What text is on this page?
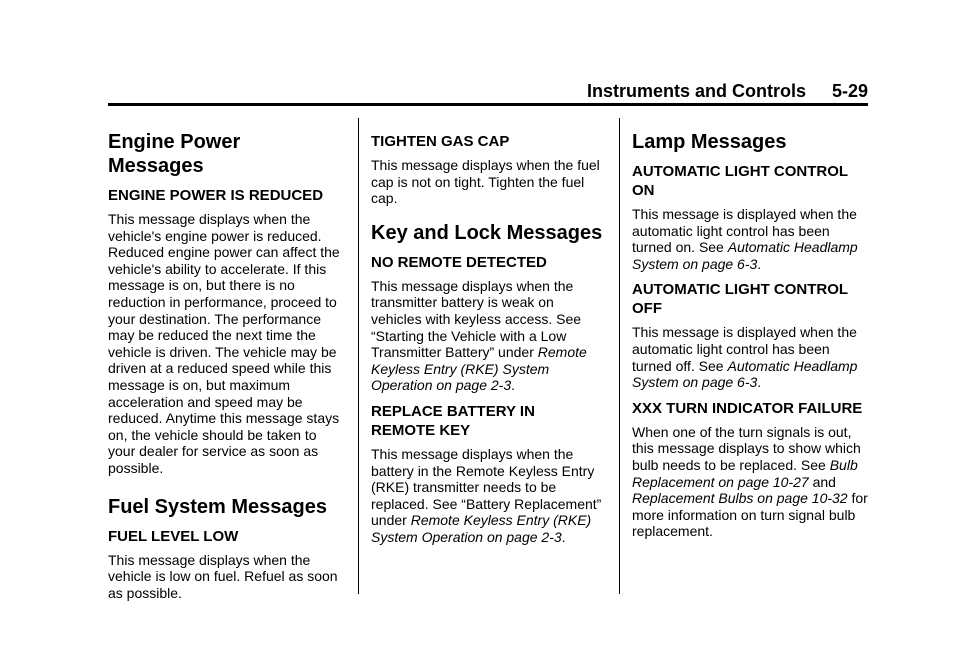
Instruments and Controls 5-29
Engine Power Messages
ENGINE POWER IS REDUCED

This message displays when the vehicle's engine power is reduced. Reduced engine power can affect the vehicle's ability to accelerate. If this message is on, but there is no reduction in performance, proceed to your destination. The performance may be reduced the next time the vehicle is driven. The vehicle may be driven at a reduced speed while this message is on, but maximum acceleration and speed may be reduced. Anytime this message stays on, the vehicle should be taken to your dealer for service as soon as possible.

Fuel System Messages
FUEL LEVEL LOW

This message displays when the vehicle is low on fuel. Refuel as soon as possible.

TIGHTEN GAS CAP

This message displays when the fuel cap is not on tight. Tighten the fuel cap.

Key and Lock Messages
NO REMOTE DETECTED

This message displays when the transmitter battery is weak on vehicles with keyless access. See “Starting the Vehicle with a Low Transmitter Battery” under Remote Keyless Entry (RKE) System Operation on page 2-3.

REPLACE BATTERY IN REMOTE KEY

This message displays when the battery in the Remote Keyless Entry (RKE) transmitter needs to be replaced. See “Battery Replacement” under Remote Keyless Entry (RKE) System Operation on page 2-3.

Lamp Messages
AUTOMATIC LIGHT CONTROL ON

This message is displayed when the automatic light control has been turned on. See Automatic Headlamp System on page 6-3.

AUTOMATIC LIGHT CONTROL OFF

This message is displayed when the automatic light control has been turned off. See Automatic Headlamp System on page 6-3.

XXX TURN INDICATOR FAILURE

When one of the turn signals is out, this message displays to show which bulb needs to be replaced. See Bulb Replacement on page 10-27 and Replacement Bulbs on page 10-32 for more information on turn signal bulb replacement.
